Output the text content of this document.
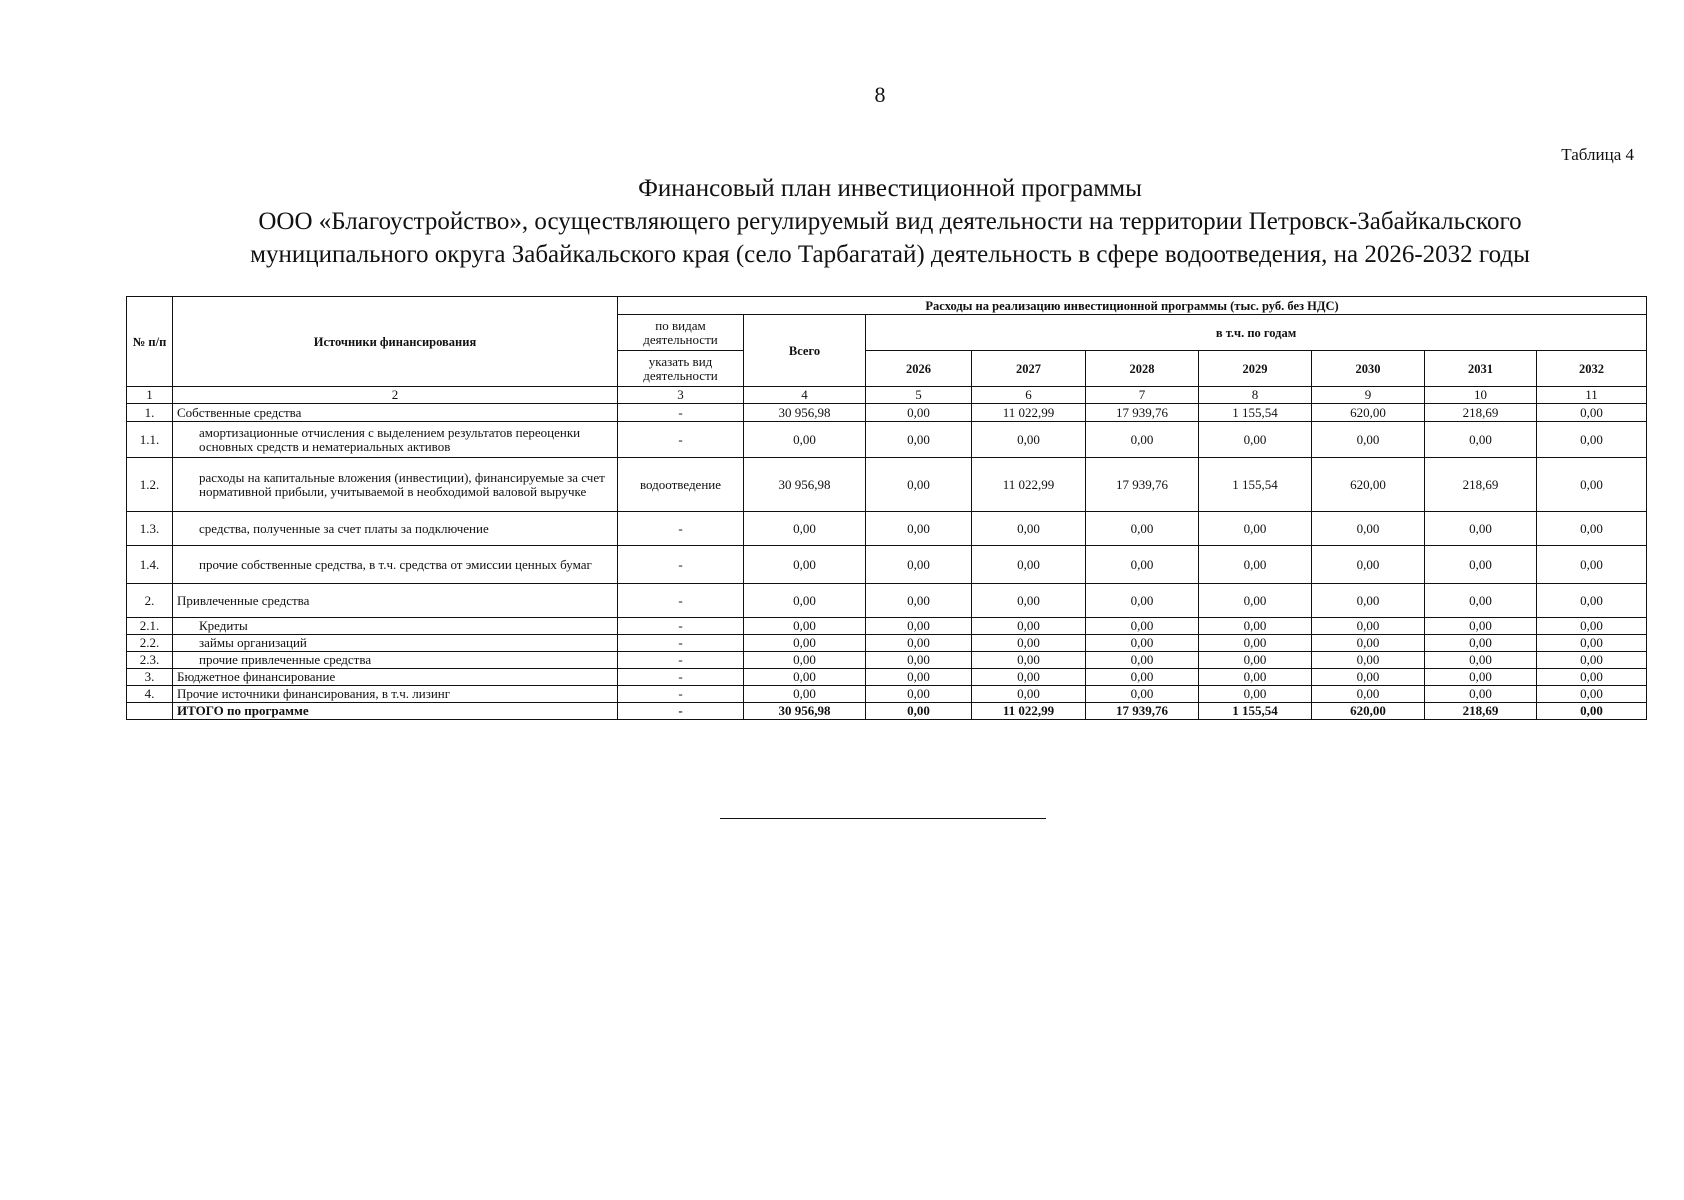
8
Таблица 4
Финансовый план инвестиционной программы
ООО «Благоустройство», осуществляющего регулируемый вид деятельности на территории Петровск-Забайкальского
муниципального округа Забайкальского края (село Тарбагатай) деятельность в сфере водоотведения, на 2026-2032 годы
№ п/п	Источники финансирования	Расходы на реализацию инвестиционной программы (тыс. руб. без НДС)								
		по видам деятельности	Всего	в т.ч. по годам						
		указать вид деятельности		2026	2027	2028	2029	2030	2031	2032

1	2	3	4	5	6	7	8	9	10	11
1.	Собственные средства	-	30 956,98	0,00	11 022,99	17 939,76	1 155,54	620,00	218,69	0,00
1.1.	амортизационные отчисления с выделением результатов переоценки основных средств и нематериальных активов	-	0,00	0,00	0,00	0,00	0,00	0,00	0,00	0,00
1.2.	расходы на капитальные вложения (инвестиции), финансируемые за счет нормативной прибыли, учитываемой в необходимой валовой выручке	водоотведение	30 956,98	0,00	11 022,99	17 939,76	1 155,54	620,00	218,69	0,00
1.3.	средства, полученные за счет платы за подключение	-	0,00	0,00	0,00	0,00	0,00	0,00	0,00	0,00
1.4.	прочие собственные средства, в т.ч. средства от эмиссии ценных бумаг	-	0,00	0,00	0,00	0,00	0,00	0,00	0,00	0,00
2.	Привлеченные средства	-	0,00	0,00	0,00	0,00	0,00	0,00	0,00	0,00
2.1.	Кредиты	-	0,00	0,00	0,00	0,00	0,00	0,00	0,00	0,00
2.2.	займы организаций	-	0,00	0,00	0,00	0,00	0,00	0,00	0,00	0,00
2.3.	прочие привлеченные средства	-	0,00	0,00	0,00	0,00	0,00	0,00	0,00	0,00
3.	Бюджетное финансирование	-	0,00	0,00	0,00	0,00	0,00	0,00	0,00	0,00
4.	Прочие источники финансирования, в т.ч. лизинг	-	0,00	0,00	0,00	0,00	0,00	0,00	0,00	0,00
	ИТОГО по программе	-	30 956,98	0,00	11 022,99	17 939,76	1 155,54	620,00	218,69	0,00
